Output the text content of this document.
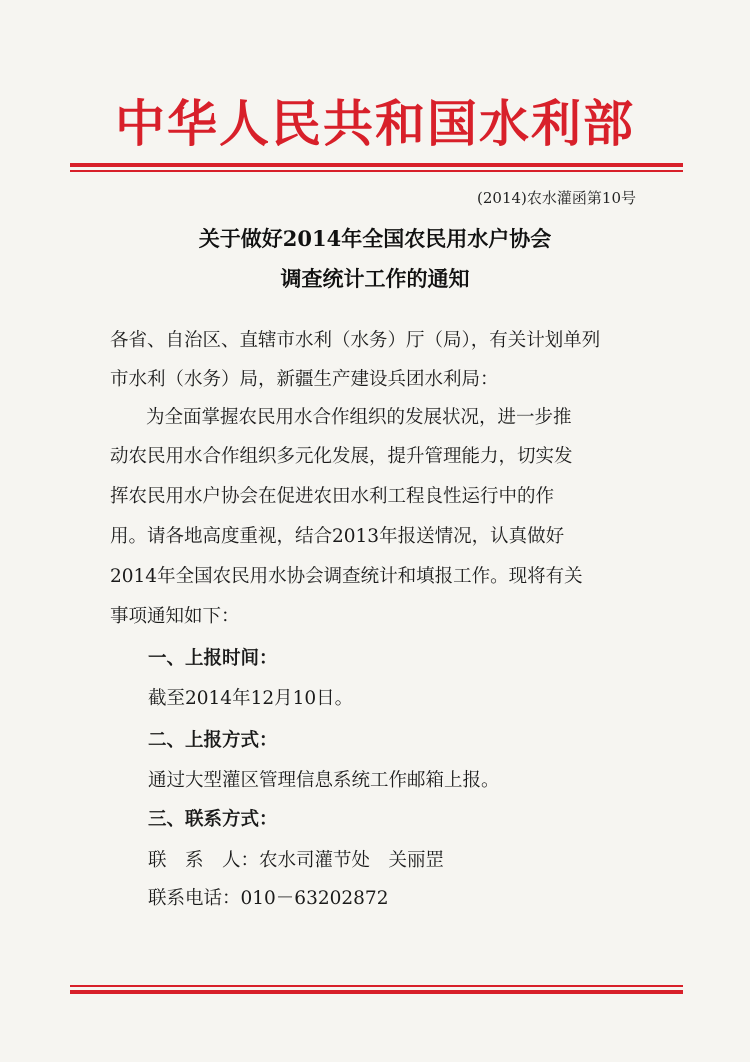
中华人民共和国水利部
(2014)农水灌函第10号
关于做好2014年全国农民用水户协会
调查统计工作的通知
各省、自治区、直辖市水利（水务）厅（局），有关计划单列
市水利（水务）局，新疆生产建设兵团水利局：
为全面掌握农民用水合作组织的发展状况，进一步推
动农民用水合作组织多元化发展，提升管理能力，切实发
挥农民用水户协会在促进农田水利工程良性运行中的作
用。请各地高度重视，结合2013年报送情况，认真做好
2014年全国农民用水协会调查统计和填报工作。现将有关
事项通知如下：
一、上报时间：
截至2014年12月10日。
二、上报方式：
通过大型灌区管理信息系统工作邮箱上报。
三、联系方式：
联　系　人：农水司灌节处　关丽罡
联系电话：010－63202872
